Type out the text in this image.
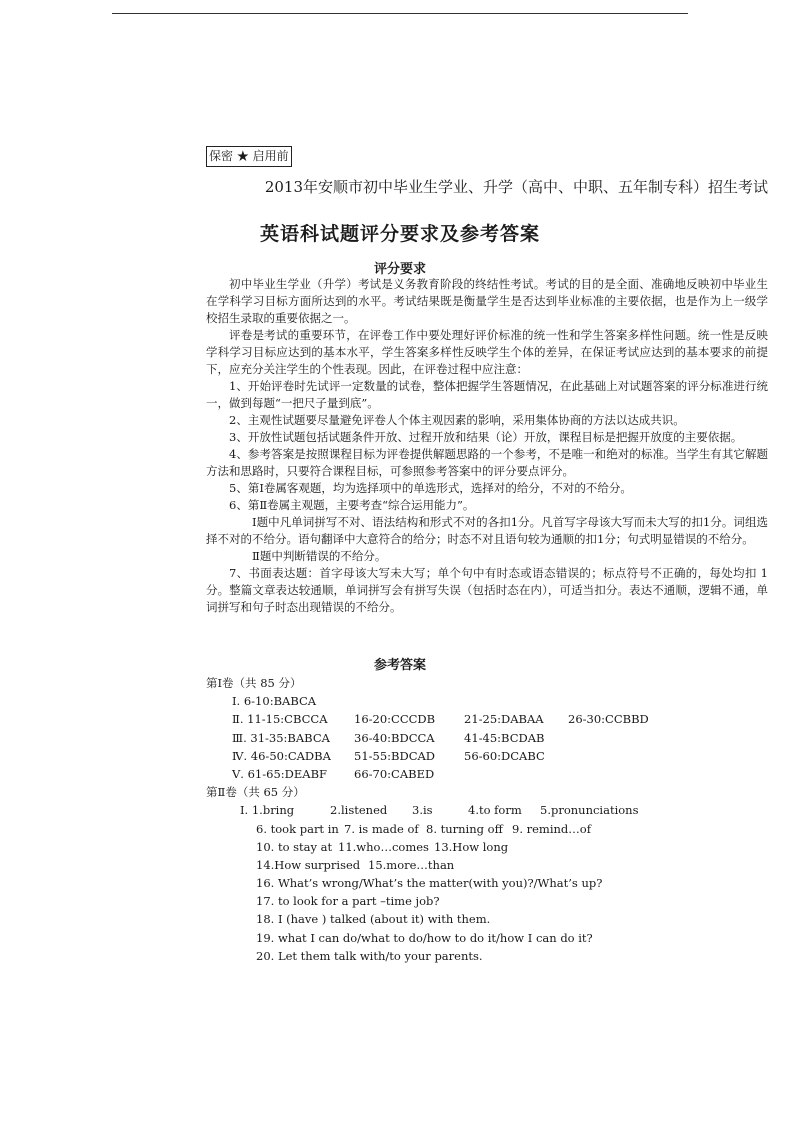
保密 ★ 启用前
2013年安顺市初中毕业生学业、升学（高中、中职、五年制专科）招生考试
英语科试题评分要求及参考答案
评分要求

初中毕业生学业（升学）考试是义务教育阶段的终结性考试。考试的目的是全面、准确地反映初中毕业生在学科学习目标方面所达到的水平。考试结果既是衡量学生是否达到毕业标准的主要依据，也是作为上一级学校招生录取的重要依据之一。

评卷是考试的重要环节，在评卷工作中要处理好评价标准的统一性和学生答案多样性问题。统一性是反映学科学习目标应达到的基本水平，学生答案多样性反映学生个体的差异，在保证考试应达到的基本要求的前提下，应充分关注学生的个性表现。因此，在评卷过程中应注意：

1、开始评卷时先试评一定数量的试卷，整体把握学生答题情况，在此基础上对试题答案的评分标准进行统一，做到每题“一把尺子量到底”。

2、主观性试题要尽量避免评卷人个体主观因素的影响，采用集体协商的方法以达成共识。

3、开放性试题包括试题条件开放、过程开放和结果（论）开放，课程目标是把握开放度的主要依据。

4、参考答案是按照课程目标为评卷提供解题思路的一个参考，不是唯一和绝对的标准。当学生有其它解题方法和思路时，只要符合课程目标，可参照参考答案中的评分要点评分。

5、第Ⅰ卷属客观题，均为选择项中的单选形式，选择对的给分，不对的不给分。

6、第Ⅱ卷属主观题，主要考查“综合运用能力”。

Ⅰ题中凡单词拼写不对、语法结构和形式不对的各扣1分。凡首写字母该大写而未大写的扣1分。词组选择不对的不给分。语句翻译中大意符合的给分；时态不对且语句较为通顺的扣1分；句式明显错误的不给分。

Ⅱ题中判断错误的不给分。

7、书面表达题：首字母该大写未大写；单个句中有时态或语态错误的；标点符号不正确的，每处均扣 1 分。整篇文章表达较通顺，单词拼写会有拼写失误（包括时态在内），可适当扣分。表达不通顺，逻辑不通，单词拼写和句子时态出现错误的不给分。

参考答案
第Ⅰ卷（共 85 分）
Ⅰ. 6-10:BABCA
Ⅱ. 11-15:CBCCA 16-20:CCCDB	21-25:DABAA 26-30:CCBBD
Ⅲ. 31-35:BABCA 36-40:BDCCA	41-45:BCDAB
Ⅳ. 46-50:CADBA 51-55:BDCAD	56-60:DCABC
Ⅴ. 61-65:DEABF 66-70:CABED
第Ⅱ卷（共 65 分）
Ⅰ. 1.bring	2.listened 3.is	4.to form 5.pronunciations
6. took part in 7. is made of 8. turning off 9. remind…of
10. to stay at 11.who…comes 13.How long
14.How surprised 15.more…than
16. What’s wrong/What’s the matter(with you)?/What’s up?
17. to look for a part –time job?
18. I (have ) talked (about it) with them.
19. what I can do/what to do/how to do it/how I can do it?
20. Let them talk with/to your parents.
